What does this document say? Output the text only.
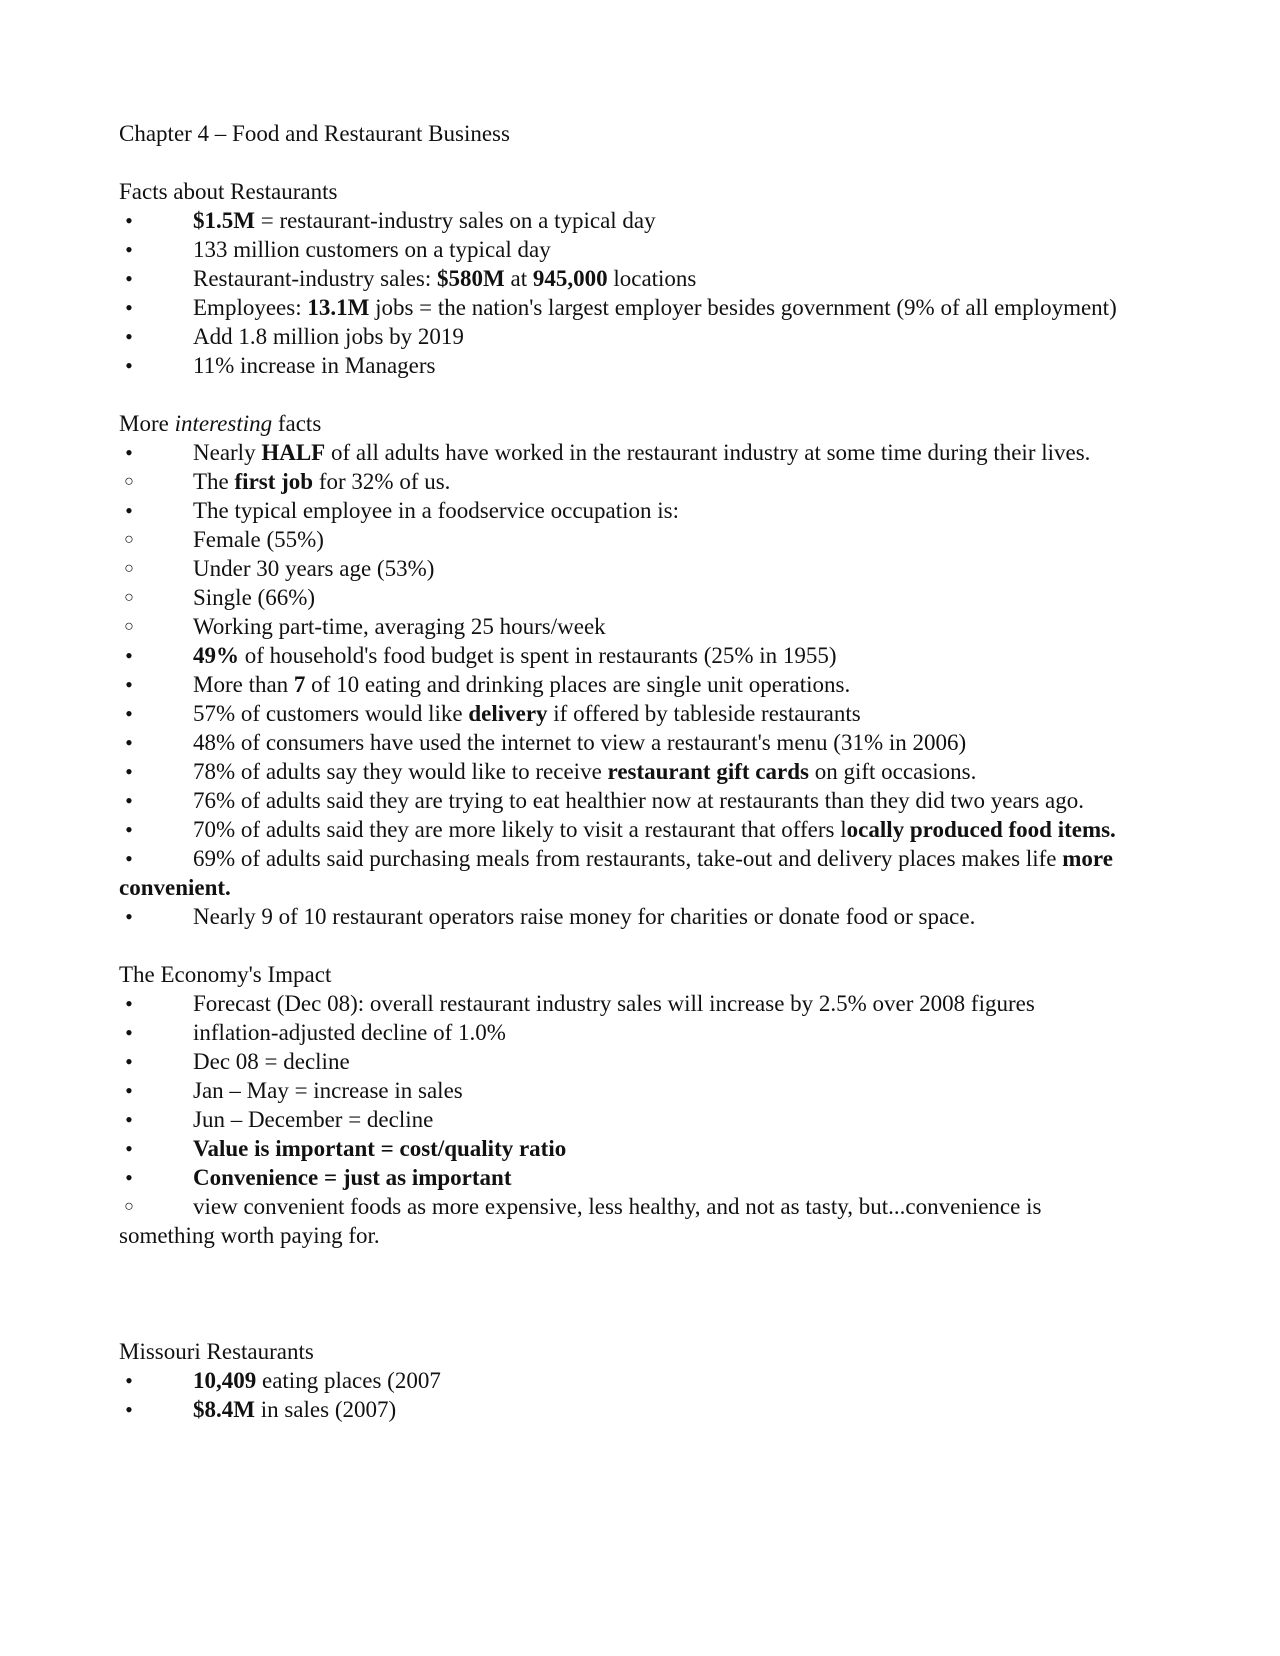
Chapter 4 – Food and Restaurant Business

Facts about Restaurants

•	$1.5M = restaurant-industry sales on a typical day

•	133 million customers on a typical day

•	Restaurant-industry sales: $580M at 945,000 locations

•	Employees: 13.1M jobs = the nation's largest employer besides government (9% of all employment)

•	Add 1.8 million jobs by 2019

•	11% increase in Managers

More interesting facts

•	Nearly HALF of all adults have worked in the restaurant industry at some time during their lives.

○	The first job for 32% of us.

•	The typical employee in a foodservice occupation is:

○	Female (55%)

○	Under 30 years age (53%)

○	Single (66%)

○	Working part-time, averaging 25 hours/week

•	49% of household's food budget is spent in restaurants (25% in 1955)

•	More than 7 of 10 eating and drinking places are single unit operations.

•	57% of customers would like delivery if offered by tableside restaurants

•	48% of consumers have used the internet to view a restaurant's menu (31% in 2006)

•	78% of adults say they would like to receive restaurant gift cards on gift occasions.

•	76% of adults said they are trying to eat healthier now at restaurants than they did two years ago.

•	70% of adults said they are more likely to visit a restaurant that offers locally produced food items.

•	69% of adults said purchasing meals from restaurants, take-out and delivery places makes life more convenient.

•	Nearly 9 of 10 restaurant operators raise money for charities or donate food or space.

The Economy's Impact

•	Forecast (Dec 08): overall restaurant industry sales will increase by 2.5% over 2008 figures

•	inflation-adjusted decline of 1.0%

•	Dec 08 = decline

•	Jan – May = increase in sales

•	Jun – December = decline

•	Value is important = cost/quality ratio

•	Convenience = just as important

○	view convenient foods as more expensive, less healthy, and not as tasty, but...convenience is something worth paying for.

Missouri Restaurants

•	10,409 eating places (2007

•	$8.4M in sales (2007)
